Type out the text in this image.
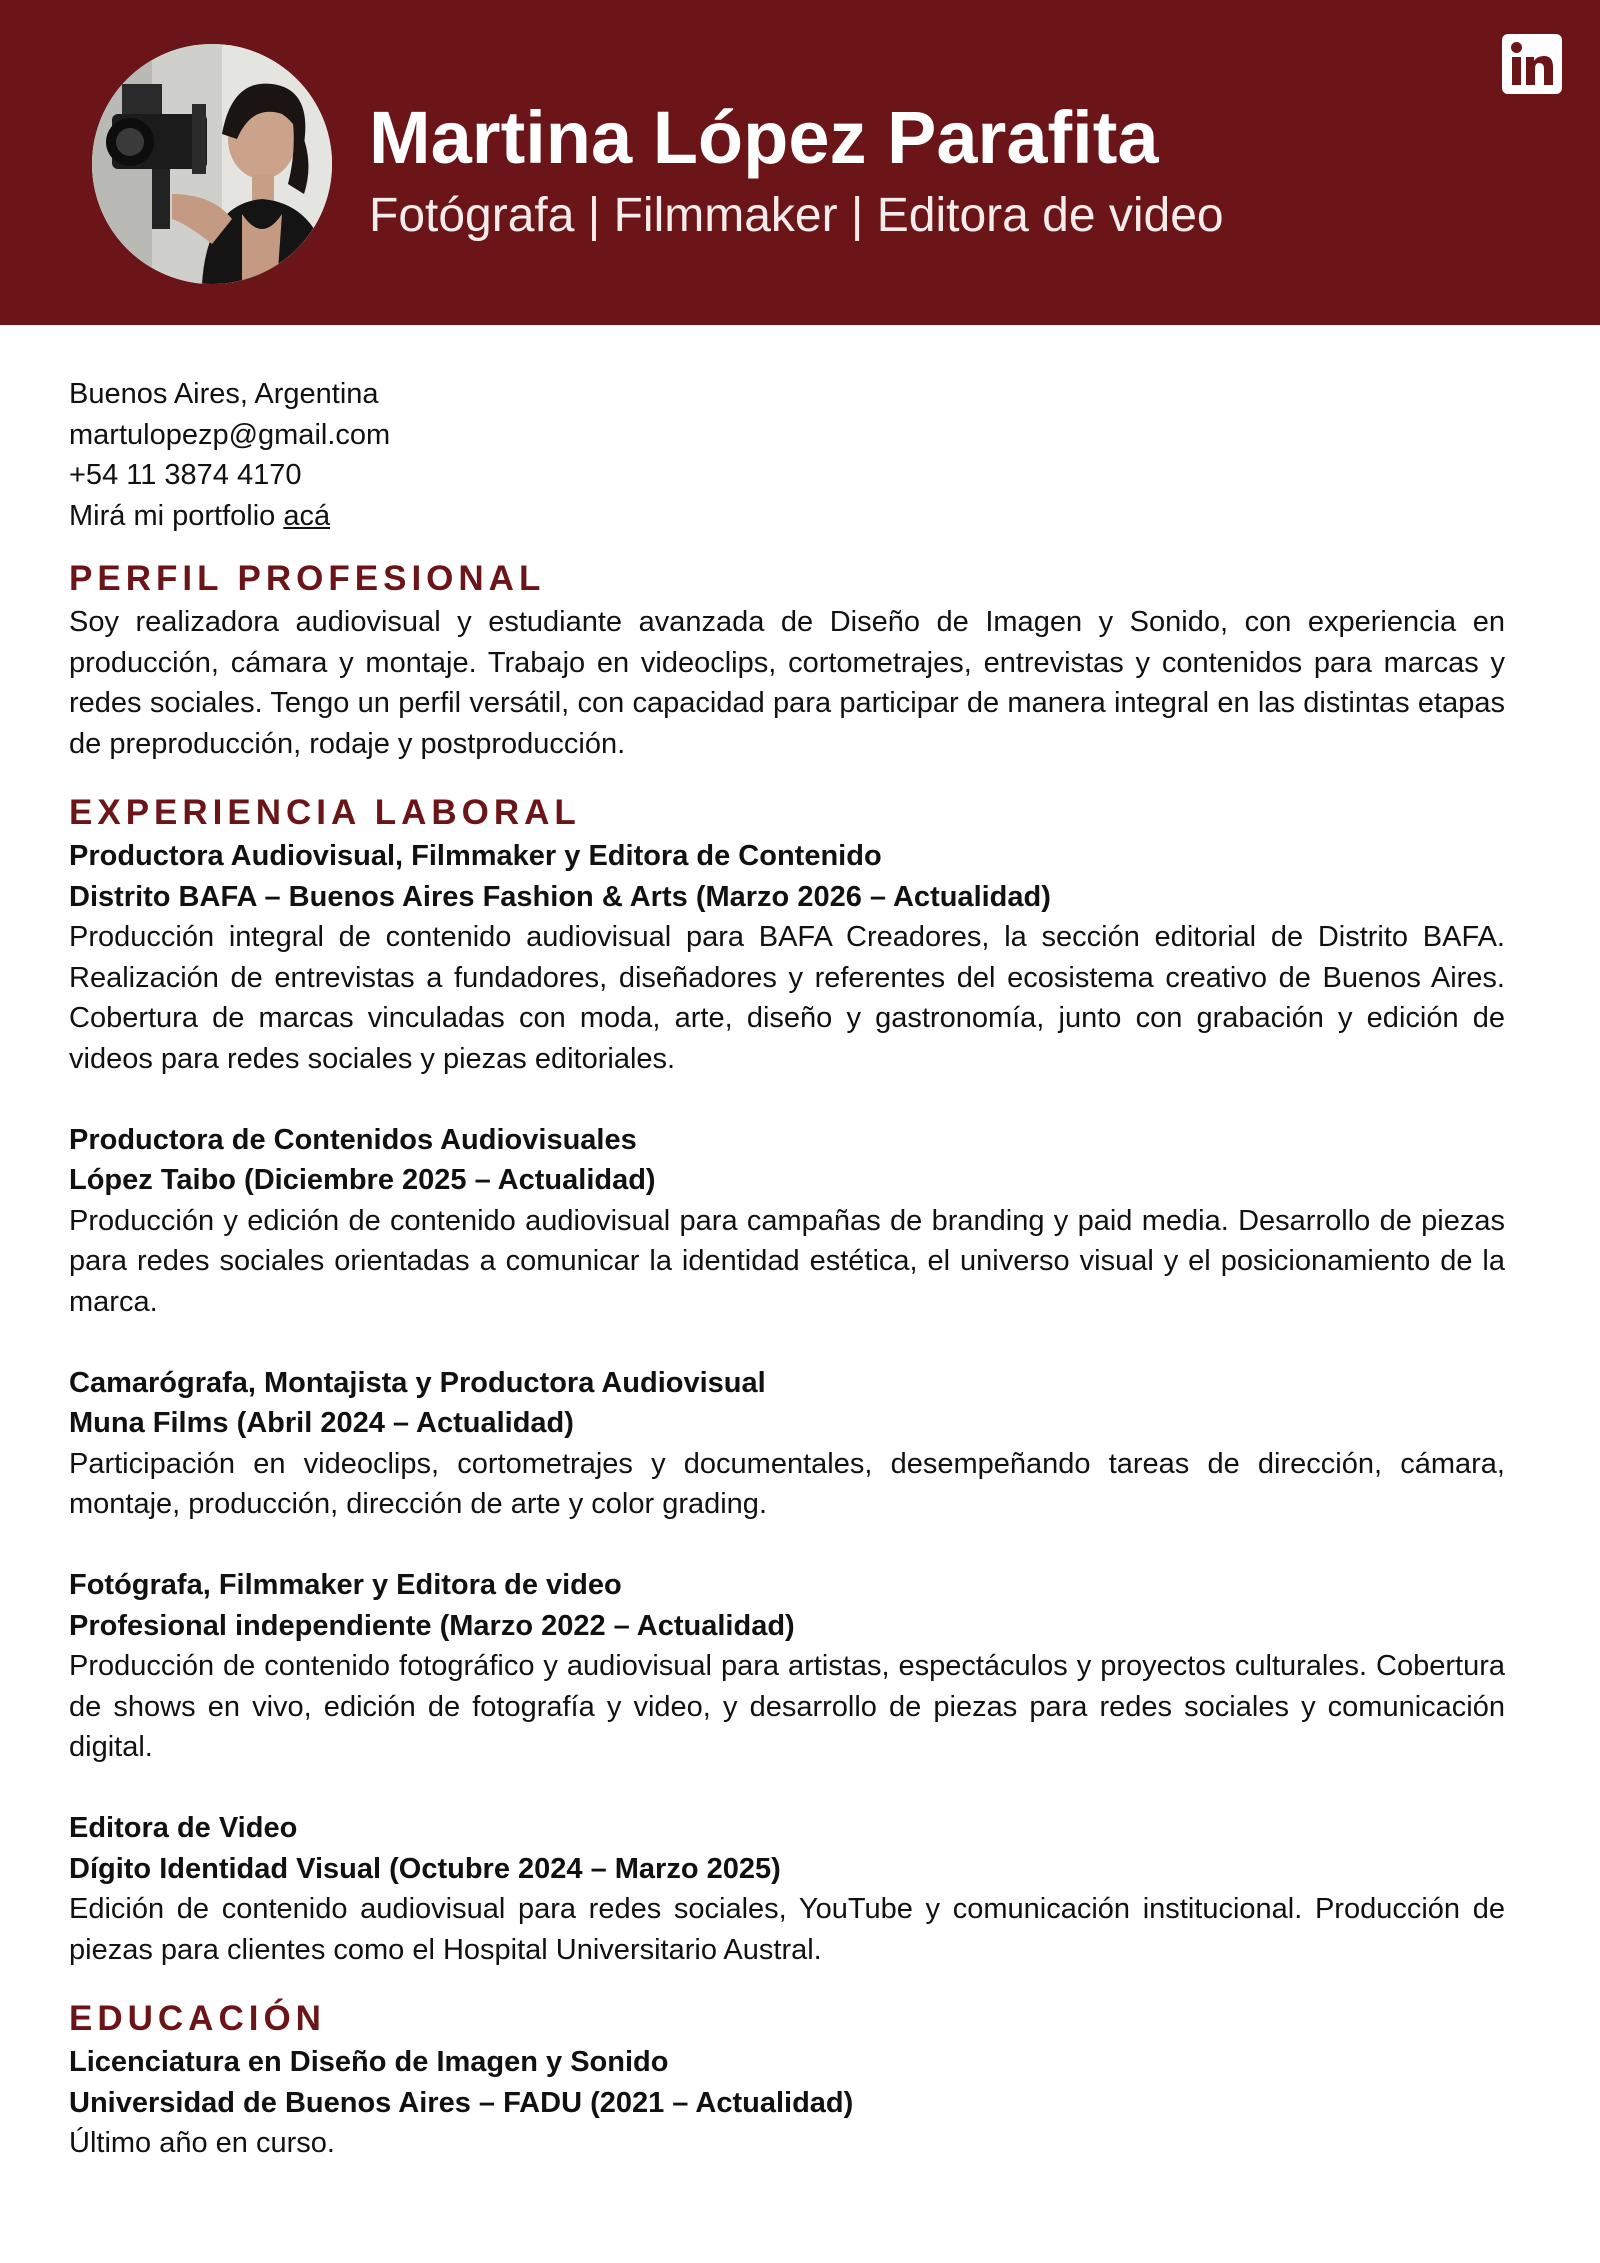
Martina López Parafita
Fotógrafa | Filmmaker | Editora de video
Buenos Aires, Argentina
martulopezp@gmail.com
+54 11 3874 4170
Mirá mi portfolio acá
PERFIL PROFESIONAL
Soy realizadora audiovisual y estudiante avanzada de Diseño de Imagen y Sonido, con experiencia en producción, cámara y montaje. Trabajo en videoclips, cortometrajes, entrevistas y contenidos para marcas y redes sociales. Tengo un perfil versátil, con capacidad para participar de manera integral en las distintas etapas de preproducción, rodaje y postproducción.
EXPERIENCIA LABORAL
Productora Audiovisual, Filmmaker y Editora de Contenido
Distrito BAFA – Buenos Aires Fashion & Arts (Marzo 2026 – Actualidad)
Producción integral de contenido audiovisual para BAFA Creadores, la sección editorial de Distrito BAFA. Realización de entrevistas a fundadores, diseñadores y referentes del ecosistema creativo de Buenos Aires. Cobertura de marcas vinculadas con moda, arte, diseño y gastronomía, junto con grabación y edición de videos para redes sociales y piezas editoriales.
Productora de Contenidos Audiovisuales
López Taibo (Diciembre 2025 – Actualidad)
Producción y edición de contenido audiovisual para campañas de branding y paid media. Desarrollo de piezas para redes sociales orientadas a comunicar la identidad estética, el universo visual y el posicionamiento de la marca.
Camarógrafa, Montajista y Productora Audiovisual
Muna Films (Abril 2024 – Actualidad)
Participación en videoclips, cortometrajes y documentales, desempeñando tareas de dirección, cámara, montaje, producción, dirección de arte y color grading.
Fotógrafa, Filmmaker y Editora de video
Profesional independiente (Marzo 2022 – Actualidad)
Producción de contenido fotográfico y audiovisual para artistas, espectáculos y proyectos culturales. Cobertura de shows en vivo, edición de fotografía y video, y desarrollo de piezas para redes sociales y comunicación digital.
Editora de Video
Dígito Identidad Visual (Octubre 2024 – Marzo 2025)
Edición de contenido audiovisual para redes sociales, YouTube y comunicación institucional. Producción de piezas para clientes como el Hospital Universitario Austral.
EDUCACIÓN
Licenciatura en Diseño de Imagen y Sonido
Universidad de Buenos Aires – FADU (2021 – Actualidad)
Último año en curso.
